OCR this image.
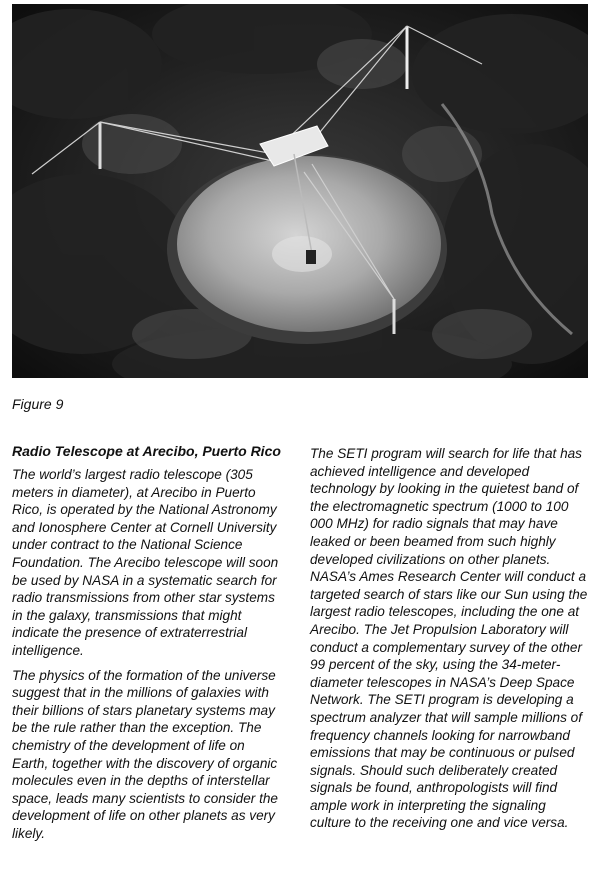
Figure 9
Radio Telescope at Arecibo, Puerto Rico

The world’s largest radio telescope (305 meters in diameter), at Arecibo in Puerto Rico, is operated by the National Astronomy and Ionosphere Center at Cornell University under contract to the National Science Foundation. The Arecibo telescope will soon be used by NASA in a systematic search for radio transmissions from other star systems in the galaxy, transmissions that might indicate the presence of extraterrestrial intelligence.

The physics of the formation of the universe suggest that in the millions of galaxies with their billions of stars planetary systems may be the rule rather than the exception. The chemistry of the development of life on Earth, together with the discovery of organic molecules even in the depths of interstellar space, leads many scientists to consider the development of life on other planets as very likely.

The SETI program will search for life that has achieved intelligence and developed technology by looking in the quietest band of the electromagnetic spectrum (1000 to 100 000 MHz) for radio signals that may have leaked or been beamed from such highly developed civilizations on other planets. NASA’s Ames Research Center will conduct a targeted search of stars like our Sun using the largest radio telescopes, including the one at Arecibo. The Jet Propulsion Laboratory will conduct a complementary survey of the other 99 percent of the sky, using the 34-meter-diameter telescopes in NASA’s Deep Space Network. The SETI program is developing a spectrum analyzer that will sample millions of frequency channels looking for narrowband emissions that may be continuous or pulsed signals. Should such deliberately created signals be found, anthropologists will find ample work in interpreting the signaling culture to the receiving one and vice versa.
